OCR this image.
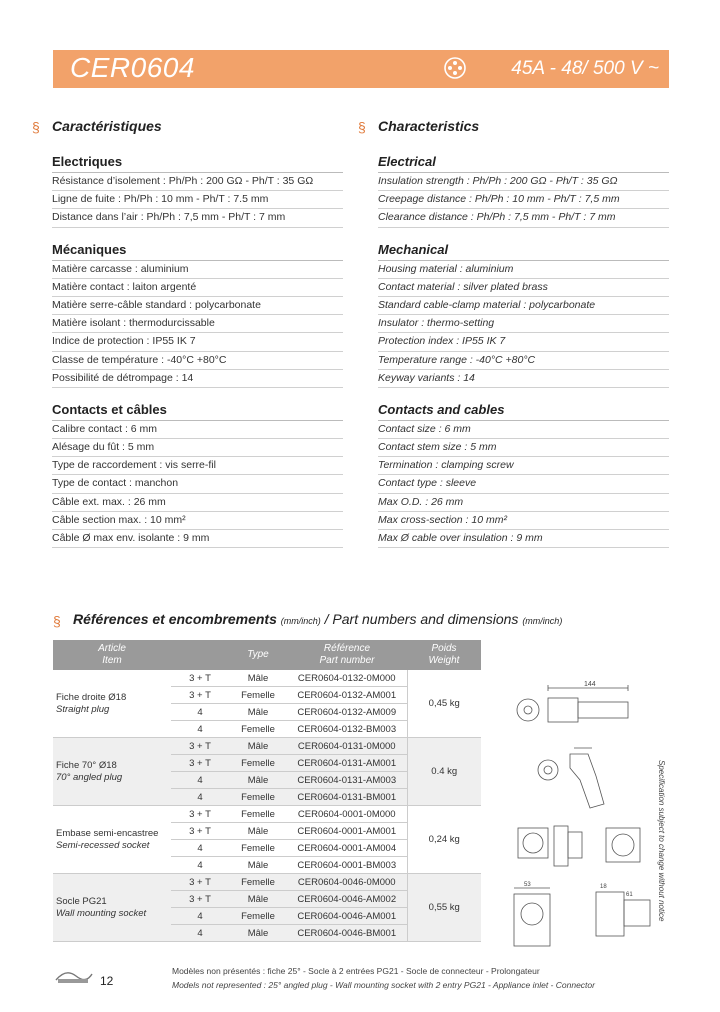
CER0604	45A - 48/ 500 V ~
§ Caractéristiques
Electriques
Résistance d’isolement : Ph/Ph : 200 GΩ - Ph/T : 35 GΩ
Ligne de fuite : Ph/Ph : 10 mm - Ph/T : 7.5 mm
Distance dans l’air : Ph/Ph : 7,5 mm - Ph/T : 7 mm
Mécaniques
Matière carcasse : aluminium
Matière contact : laiton argenté
Matière serre-câble standard : polycarbonate
Matière isolant : thermodurcissable
Indice de protection : IP55 IK 7
Classe de température : -40°C +80°C
Possibilité de détrompage : 14
Contacts et câbles
Calibre contact : 6 mm
Alésage du fût : 5 mm
Type de raccordement : vis serre-fil
Type de contact : manchon
Câble ext. max. : 26 mm
Câble section max. : 10 mm²
Câble Ø max env. isolante : 9 mm
§ Characteristics
Electrical
Insulation strength : Ph/Ph : 200 GΩ - Ph/T : 35 GΩ
Creepage distance : Ph/Ph : 10 mm - Ph/T : 7,5 mm
Clearance distance : Ph/Ph : 7,5 mm - Ph/T : 7 mm
Mechanical
Housing material : aluminium
Contact material : silver plated brass
Standard cable-clamp material : polycarbonate
Insulator : thermo-setting
Protection index : IP55 IK 7
Temperature range : -40°C +80°C
Keyway variants : 14
Contacts and cables
Contact size : 6 mm
Contact stem size : 5 mm
Termination : clamping screw
Contact type : sleeve
Max O.D. : 26 mm
Max cross-section : 10 mm²
Max Ø cable over insulation : 9 mm
§ Références et encombrements (mm/inch) / Part numbers and dimensions (mm/inch)
Article
Item		Type	Référence
Part number	Poids
Weight
Fiche droite Ø18
Straight plug	3 + T	Mâle	CER0604-0132-0M000	0,45 kg
	3 + T	Femelle	CER0604-0132-AM001	
	4	Mâle	CER0604-0132-AM009	
	4	Femelle	CER0604-0132-BM003	
Fiche 70° Ø18
70° angled plug	3 + T	Mâle	CER0604-0131-0M000	0.4 kg
	3 + T	Femelle	CER0604-0131-AM001	
	4	Mâle	CER0604-0131-AM003	
	4	Femelle	CER0604-0131-BM001	
Embase semi-encastree
Semi-recessed socket	3 + T	Femelle	CER0604-0001-0M000	0,24 kg
	3 + T	Mâle	CER0604-0001-AM001	
	4	Femelle	CER0604-0001-AM004	
	4	Mâle	CER0604-0001-BM003	
Socle PG21
Wall mounting socket	3 + T	Femelle	CER0604-0046-0M000	0,55 kg
	3 + T	Mâle	CER0604-0046-AM002	
	4	Femelle	CER0604-0046-AM001	
	4	Mâle	CER0604-0046-BM001	
144
53	18
61	Specification subject to change without notice
12
Modèles non présentés : fiche 25° - Socle à 2 entrées PG21 - Socle de connecteur - Prolongateur
Models not represented : 25° angled plug - Wall mounting socket with 2 entry PG21 - Appliance inlet - Connector
